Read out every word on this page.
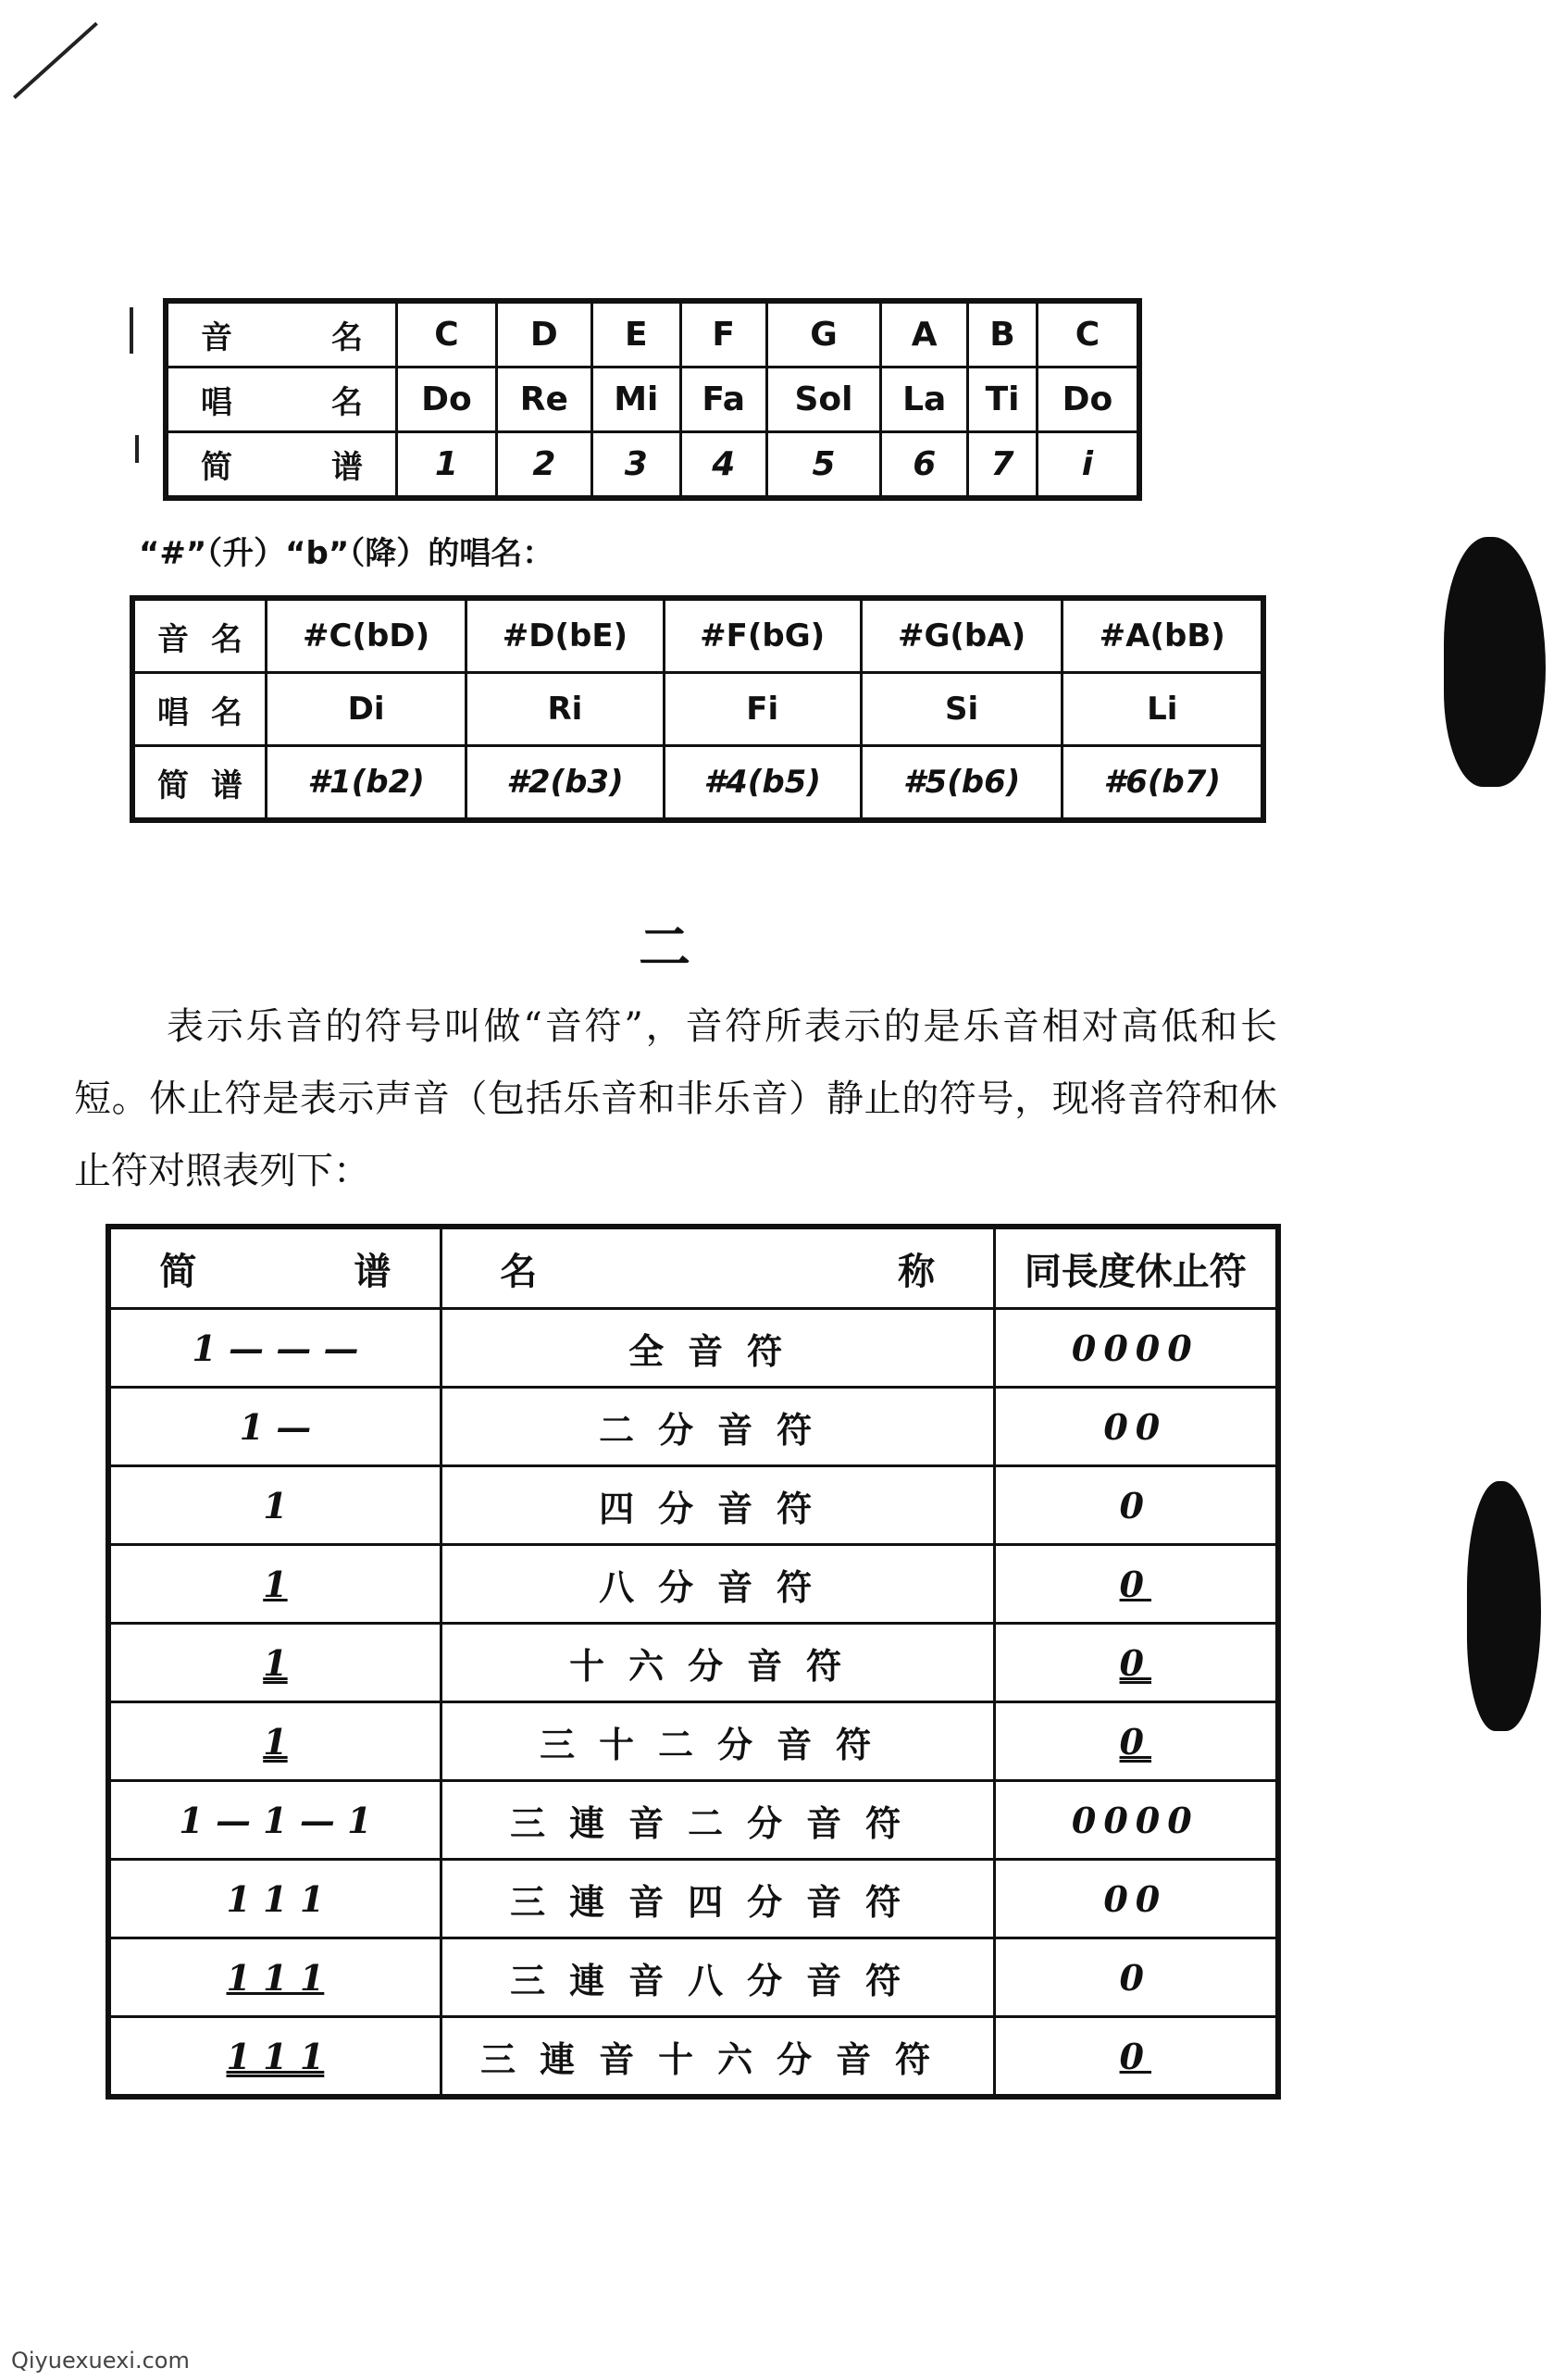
音名	C	D	E	F	G	A	B	C
唱名	Do	Re	Mi	Fa	Sol	La	Ti	Do
简谱	1	2	3	4	5	6	7	i
“#”（升）“b”（降）的唱名：
音名	#C(bD)	#D(bE)	#F(bG)	#G(bA)	#A(bB)
唱名	Di	Ri	Fi	Si	Li
简谱	#1(b2)	#2(b3)	#4(b5)	#5(b6)	#6(b7)
二
表示乐音的符号叫做“音符”，音符所表示的是乐音相对高低和长短。休止符是表示声音（包括乐音和非乐音）静止的符号，现将音符和休止符对照表列下：
简谱	名称	同長度休止符
1 — — —	全音符	0000
1 —	二分音符	00
1	四分音符	0
1	八分音符	0
1	十六分音符	0
1	三十二分音符	0
1 — 1 — 1	三連音二分音符	0000
1 1 1	三連音四分音符	00
1 1 1	三連音八分音符	0
1 1 1	三連音十六分音符	0
Qiyuexuexi.com
